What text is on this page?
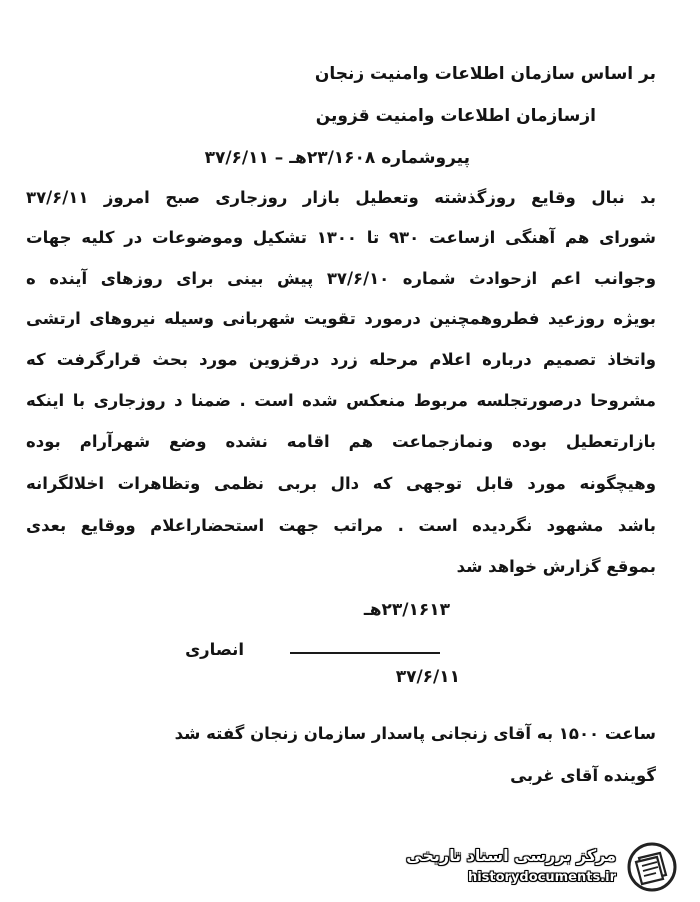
بر اساس سازمان اطلاعات وامنیت زنجان
ازسازمان اطلاعات وامنیت قزوین
پیروشماره ۲۳/۱۶۰۸هـ – ۳۷/۶/۱۱
بد نبال وقایع روزگذشته وتعطیل بازار روزجاری صبح امروز ۳۷/۶/۱۱
شورای هم آهنگی ازساعت ۹۳۰ تا ۱۳۰۰ تشکیل وموضوعات در کلیه جهات
وجوانب اعم ازحوادث شماره ۳۷/۶/۱۰ پیش بینی برای روزهای آینده ه
بویژه روزعید فطروهمچنین درمورد تقویت شهربانی وسیله نیروهای ارتشی
واتخاذ تصمیم درباره اعلام مرحله زرد درقزوین مورد بحث قرارگرفت که
مشروحا درصورتجلسه مربوط منعکس شده است . ضمنا د روزجاری با اینکه
بازارتعطیل بوده ونمازجماعت هم اقامه نشده وضع شهرآرام بوده
وهیچگونه مورد قابل توجهی که دال بربی نظمی وتظاهرات اخلالگرانه
باشد مشهود نگردیده است . مراتب جهت استحضاراعلام ووقایع بعدی
بموقع گزارش خواهد شد
۲۳/۱۶۱۳هـ
انصاری
۳۷/۶/۱۱
ساعت ۱۵۰۰ به آقای زنجانی پاسدار سازمان زنجان گفته شد
گوینده آقای غربی
مرکز بررسی اسناد تاریخی
historydocuments.ir
